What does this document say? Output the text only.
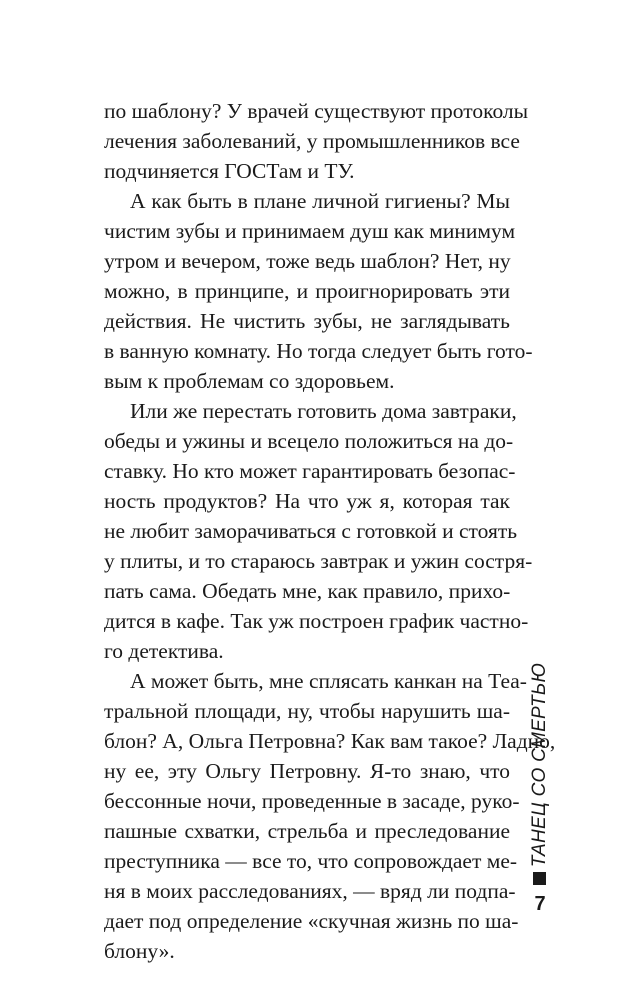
по шаблону? У врачей существуют протоколы
лечения заболеваний, у промышленников все
подчиняется ГОСТам и ТУ.
А как быть в плане личной гигиены? Мы
чистим зубы и принимаем душ как минимум
утром и вечером, тоже ведь шаблон? Нет, ну
можно, в принципе, и проигнорировать эти
действия. Не чистить зубы, не заглядывать
в ванную комнату. Но тогда следует быть гото-
вым к проблемам со здоровьем.
Или же перестать готовить дома завтраки,
обеды и ужины и всецело положиться на до-
ставку. Но кто может гарантировать безопас-
ность продуктов? На что уж я, которая так
не любит заморачиваться с готовкой и стоять
у плиты, и то стараюсь завтрак и ужин состря-
пать сама. Обедать мне, как правило, прихо-
дится в кафе. Так уж построен график частно-
го детектива.
А может быть, мне сплясать канкан на Теа-
тральной площади, ну, чтобы нарушить ша-
блон? А, Ольга Петровна? Как вам такое? Ладно,
ну ее, эту Ольгу Петровну. Я-то знаю, что
бессонные ночи, проведенные в засаде, руко-
пашные схватки, стрельба и преследование
преступника — все то, что сопровождает ме-
ня в моих расследованиях, — вряд ли подпа-
дает под определение «скучная жизнь по ша-
блону».
ТАНЕЦ СО СМЕРТЬЮ
7
